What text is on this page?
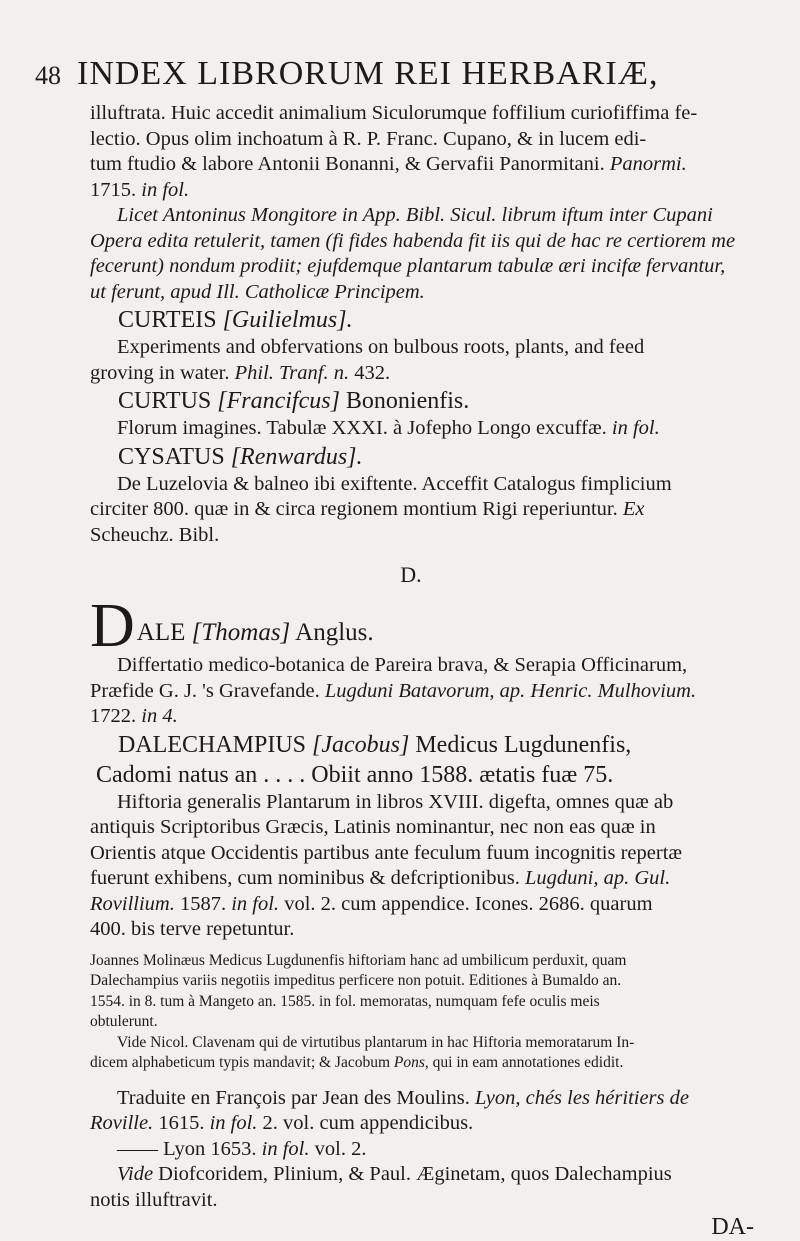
48 INDEX LIBRORUM REI HERBARIÆ,

illuftrata. Huic accedit animalium Siculorumque foffilium curiofiffima fe-

lectio. Opus olim inchoatum à R. P. Franc. Cupano, & in lucem edi-

tum ftudio & labore Antonii Bonanni, & Gervafii Panormitani. Panormi.

1715. in fol.

Licet Antoninus Mongitore in App. Bibl. Sicul. librum iftum inter Cupani

Opera edita retulerit, tamen (fi fides habenda fit iis qui de hac re certiorem me

fecerunt) nondum prodiit; ejufdemque plantarum tabulæ æri incifæ fervantur,

ut ferunt, apud Ill. Catholicæ Principem.

CURTEIS [Guilielmus].

Experiments and obfervations on bulbous roots, plants, and feed

groving in water. Phil. Tranf. n. 432.

CURTUS [Francifcus] Bononienfis.

Florum imagines. Tabulæ XXXI. à Jofepho Longo excuffæ. in fol.

CYSATUS [Renwardus].

De Luzelovia & balneo ibi exiftente. Acceffit Catalogus fimplicium

circiter 800. quæ in & circa regionem montium Rigi reperiuntur. Ex

Scheuchz. Bibl.

D.

DALE [Thomas] Anglus.

Differtatio medico-botanica de Pareira brava, & Serapia Officinarum,

Præfide G. J. 's Gravefande. Lugduni Batavorum, ap. Henric. Mulhovium.

1722. in 4.

DALECHAMPIUS [Jacobus] Medicus Lugdunenfis,

Cadomi natus an . . . . Obiit anno 1588. ætatis fuæ 75.

Hiftoria generalis Plantarum in libros XVIII. digefta, omnes quæ ab

antiquis Scriptoribus Græcis, Latinis nominantur, nec non eas quæ in

Orientis atque Occidentis partibus ante feculum fuum incognitis repertæ

fuerunt exhibens, cum nominibus & defcriptionibus. Lugduni, ap. Gul.

Rovillium. 1587. in fol. vol. 2. cum appendice. Icones. 2686. quarum

400. bis terve repetuntur.

Joannes Molinæus Medicus Lugdunenfis hiftoriam hanc ad umbilicum perduxit, quam

Dalechampius variis negotiis impeditus perficere non potuit. Editiones à Bumaldo an.

1554. in 8. tum à Mangeto an. 1585. in fol. memoratas, numquam fefe oculis meis

obtulerunt.

Vide Nicol. Clavenam qui de virtutibus plantarum in hac Hiftoria memoratarum In-

dicem alphabeticum typis mandavit; & Jacobum Pons, qui in eam annotationes edidit.

Traduite en François par Jean des Moulins. Lyon, chés les héritiers de

Roville. 1615. in fol. 2. vol. cum appendicibus.

—— Lyon 1653. in fol. vol. 2.

Vide Diofcoridem, Plinium, & Paul. Æginetam, quos Dalechampius

notis illuftravit.

DA-
